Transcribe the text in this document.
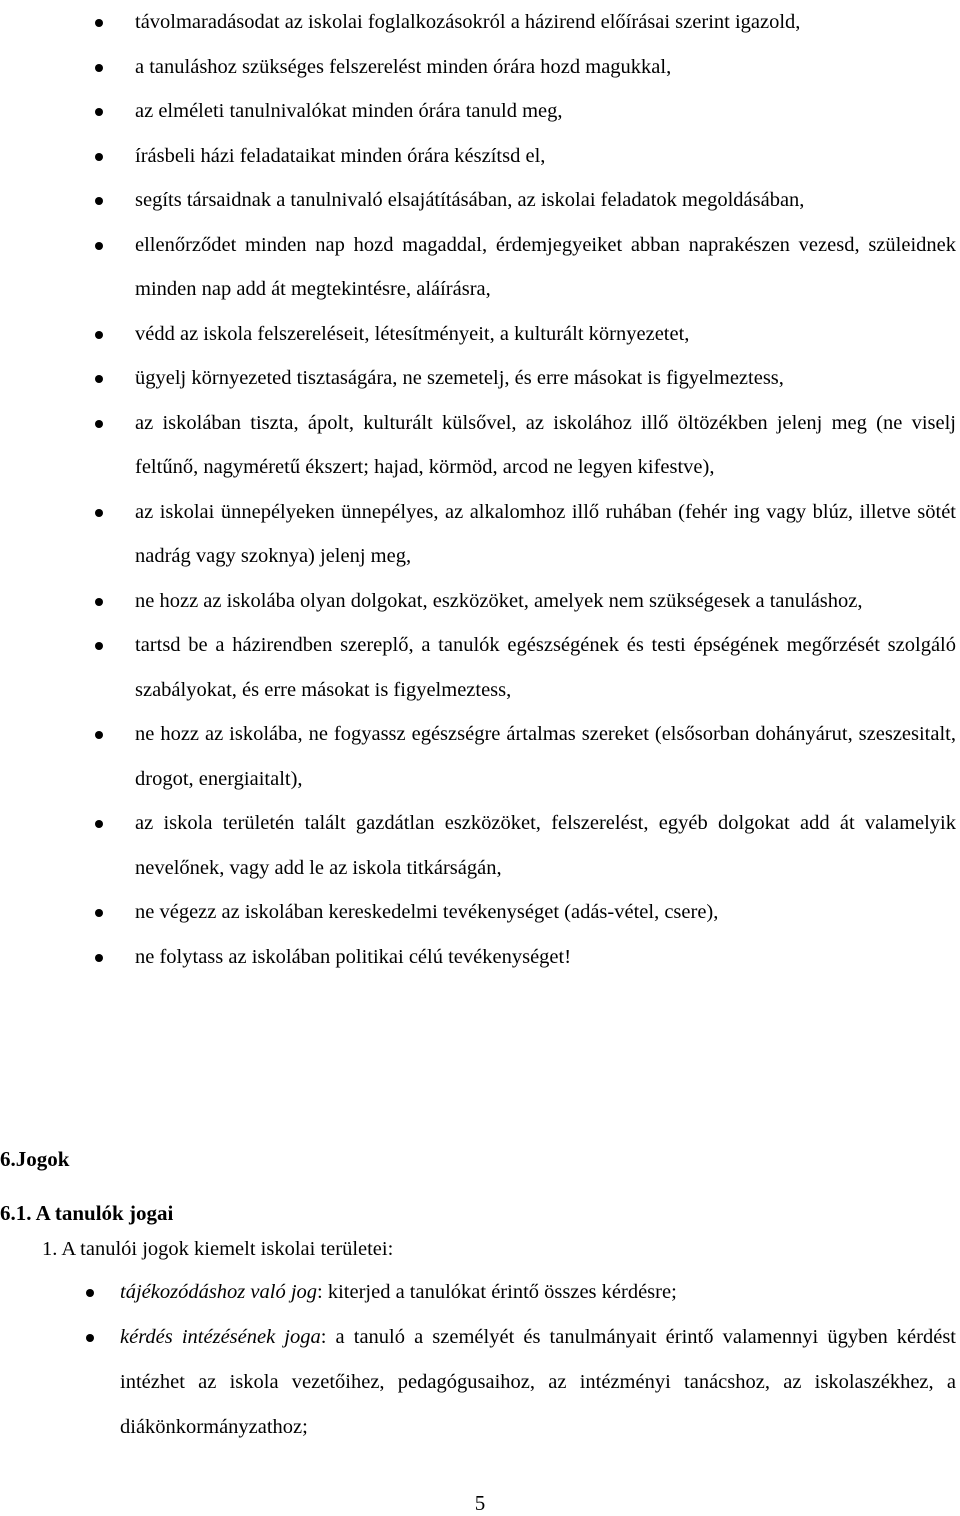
távolmaradásodat az iskolai foglalkozásokról a házirend előírásai szerint igazold,
a tanuláshoz szükséges felszerelést minden órára hozd magukkal,
az elméleti tanulnivalókat minden órára tanuld meg,
írásbeli házi feladataikat minden órára készítsd el,
segíts társaidnak a tanulnivaló elsajátításában, az iskolai feladatok megoldásában,
ellenőrződet minden nap hozd magaddal, érdemjegyeiket abban naprakészen vezesd, szüleidnek minden nap add át megtekintésre, aláírásra,
védd az iskola felszereléseit, létesítményeit, a kulturált környezetet,
ügyelj környezeted tisztaságára, ne szemetelj, és erre másokat is figyelmeztess,
az iskolában tiszta, ápolt, kulturált külsővel, az iskolához illő öltözékben jelenj meg (ne viselj feltűnő, nagyméretű ékszert; hajad, körmöd, arcod ne legyen kifestve),
az iskolai ünnepélyeken ünnepélyes, az alkalomhoz illő ruhában (fehér ing vagy blúz, illetve sötét nadrág vagy szoknya) jelenj meg,
ne hozz az iskolába olyan dolgokat, eszközöket, amelyek nem szükségesek a tanuláshoz,
tartsd be a házirendben szereplő, a tanulók egészségének és testi épségének megőrzését szolgáló szabályokat, és erre másokat is figyelmeztess,
ne hozz az iskolába, ne fogyassz egészségre ártalmas szereket (elsősorban dohányárut, szeszesitalt, drogot, energiaitalt),
az iskola területén talált gazdátlan eszközöket, felszerelést, egyéb dolgokat add át valamelyik nevelőnek, vagy add le az iskola titkárságán,
ne végezz az iskolában kereskedelmi tevékenységet (adás-vétel, csere),
ne folytass az iskolában politikai célú tevékenységet!
6.Jogok
6.1. A tanulók jogai
1. A tanulói jogok kiemelt iskolai területei:
tájékozódáshoz való jog: kiterjed a tanulókat érintő összes kérdésre;
kérdés intézésének joga: a tanuló a személyét és tanulmányait érintő valamennyi ügyben kérdést intézhet az iskola vezetőihez, pedagógusaihoz, az intézményi tanácshoz, az iskolaszékhez, a diákönkormányzathoz;
5
